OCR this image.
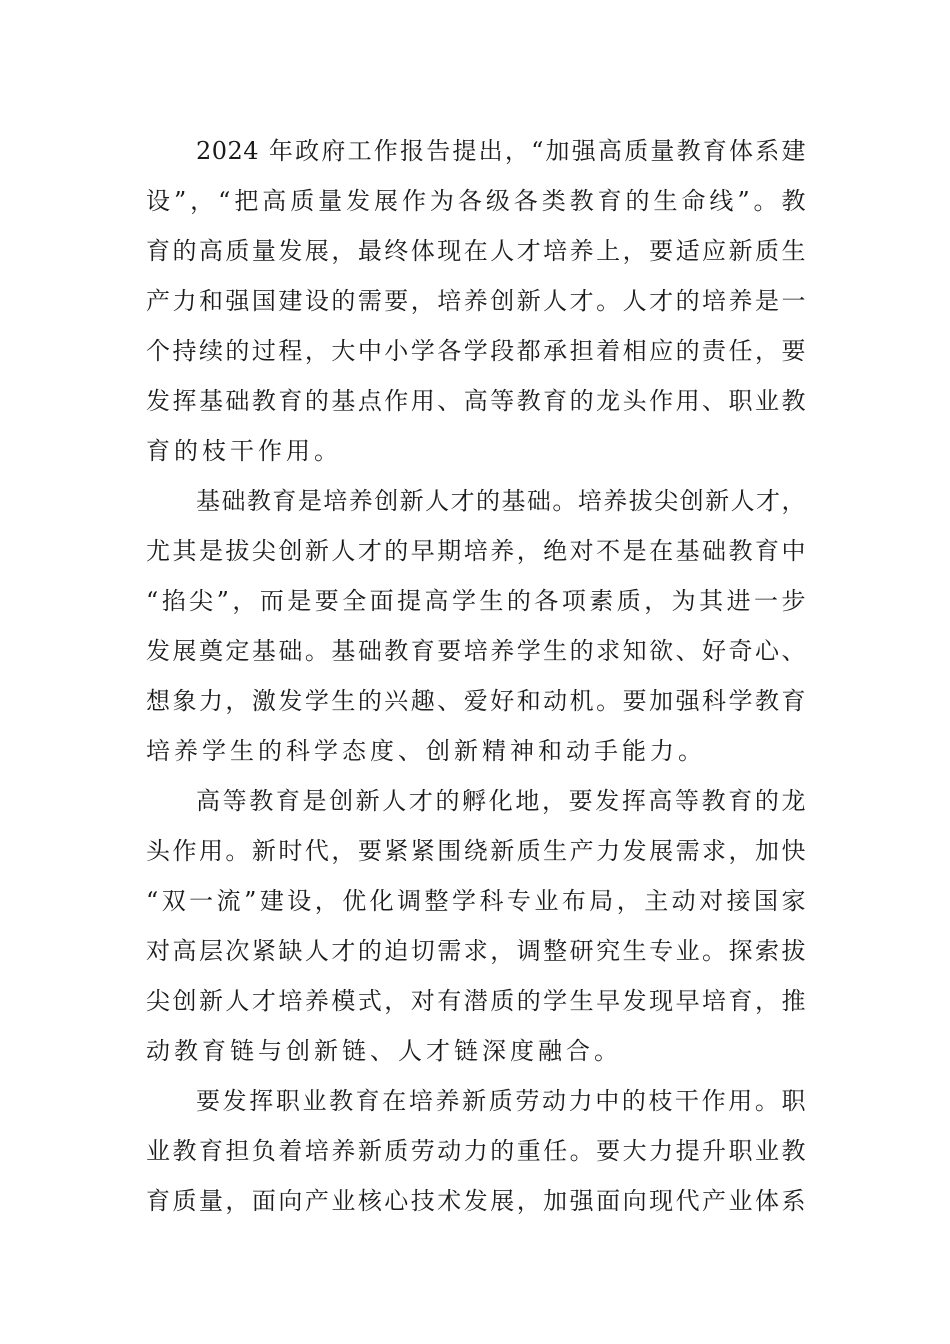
2024 年政府工作报告提出，“加强高质量教育体系建
设”，“把高质量发展作为各级各类教育的生命线”。教
育的高质量发展，最终体现在人才培养上，要适应新质生
产力和强国建设的需要，培养创新人才。人才的培养是一
个持续的过程，大中小学各学段都承担着相应的责任，要
发挥基础教育的基点作用、高等教育的龙头作用、职业教
育的枝干作用。
基础教育是培养创新人才的基础。培养拔尖创新人才，
尤其是拔尖创新人才的早期培养，绝对不是在基础教育中
“掐尖”，而是要全面提高学生的各项素质，为其进一步
发展奠定基础。基础教育要培养学生的求知欲、好奇心、
想象力，激发学生的兴趣、爱好和动机。要加强科学教育
培养学生的科学态度、创新精神和动手能力。
高等教育是创新人才的孵化地，要发挥高等教育的龙
头作用。新时代，要紧紧围绕新质生产力发展需求，加快
“双一流”建设，优化调整学科专业布局，主动对接国家
对高层次紧缺人才的迫切需求，调整研究生专业。探索拔
尖创新人才培养模式，对有潜质的学生早发现早培育，推
动教育链与创新链、人才链深度融合。
要发挥职业教育在培养新质劳动力中的枝干作用。职
业教育担负着培养新质劳动力的重任。要大力提升职业教
育质量，面向产业核心技术发展，加强面向现代产业体系
